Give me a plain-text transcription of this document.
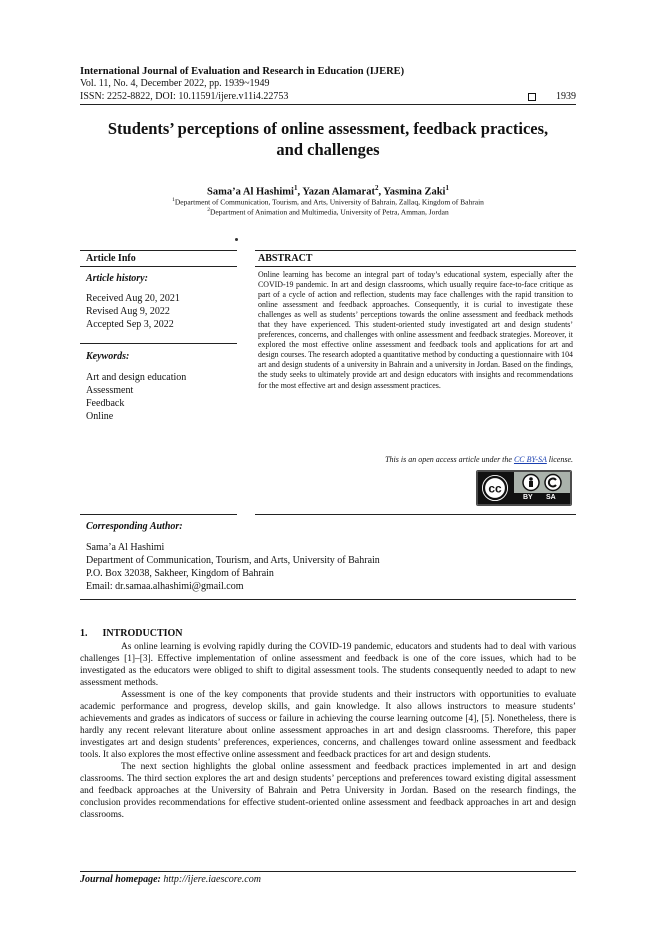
International Journal of Evaluation and Research in Education (IJERE)
Vol. 11, No. 4, December 2022, pp. 1939~1949
ISSN: 2252-8822, DOI: 10.11591/ijere.v11i4.22753	1939
Students’ perceptions of online assessment, feedback practices,
and challenges
Sama’a Al Hashimi$^1$, Yazan Alamarat$^2$, Yasmina Zaki$^1$
$^1$Department of Communication, Tourism, and Arts, University of Bahrain, Zallaq, Kingdom of Bahrain
$^2$Department of Animation and Multimedia, University of Petra, Amman, Jordan
Article Info
Article history:
Received Aug 20, 2021
Revised Aug 9, 2022
Accepted Sep 3, 2022
Keywords:
Art and design education
Assessment
Feedback
Online
ABSTRACT
Online learning has become an integral part of today’s educational system, especially after the COVID-19 pandemic. In art and design classrooms, which usually require face-to-face critique as part of a cycle of action and reflection, students may face challenges with the rapid transition to online assessment and feedback approaches. Consequently, it is curial to investigate these challenges as well as students’ perceptions towards the online assessment and feedback methods that they have experienced. This student-oriented study investigated art and design students’ preferences, concerns, and challenges with online assessment and feedback strategies. Moreover, it explored the most effective online assessment and feedback tools and applications for art and design courses. The research adopted a quantitative method by conducting a questionnaire with 104 art and design students of a university in Bahrain and a university in Jordan. Based on the findings, the study seeks to ultimately provide art and design educators with insights and recommendations for the most effective art and design assessment practices.
This is an open access article under the CC BY-SA license.
cc
BY SA
Corresponding Author:
Sama’a Al Hashimi
Department of Communication, Tourism, and Arts, University of Bahrain
P.O. Box 32038, Sakheer, Kingdom of Bahrain
Email: dr.samaa.alhashimi@gmail.com
1.      INTRODUCTION

As online learning is evolving rapidly during the COVID-19 pandemic, educators and students had to deal with various challenges [1]–[3]. Effective implementation of online assessment and feedback is one of the core issues, which had to be investigated as the educators were obliged to shift to digital assessment tools. The students consequently needed to adapt to new assessment methods.

Assessment is one of the key components that provide students and their instructors with opportunities to evaluate academic performance and progress, develop skills, and gain knowledge. It also allows instructors to measure students’ achievements and grades as indicators of success or failure in achieving the course learning outcome [4], [5]. Nonetheless, there is hardly any recent relevant literature about online assessment approaches in art and design classrooms. Therefore, this paper investigates art and design students’ preferences, experiences, concerns, and challenges toward online assessment and feedback tools. It also explores the most effective online assessment and feedback practices for art and design students.

The next section highlights the global online assessment and feedback practices implemented in art and design classrooms. The third section explores the art and design students’ perceptions and preferences toward existing digital assessment and feedback approaches at the University of Bahrain and Petra University in Jordan. Based on the research findings, the conclusion provides recommendations for effective student-oriented online assessment and feedback approaches in art and design classrooms.

Journal homepage: http://ijere.iaescore.com
